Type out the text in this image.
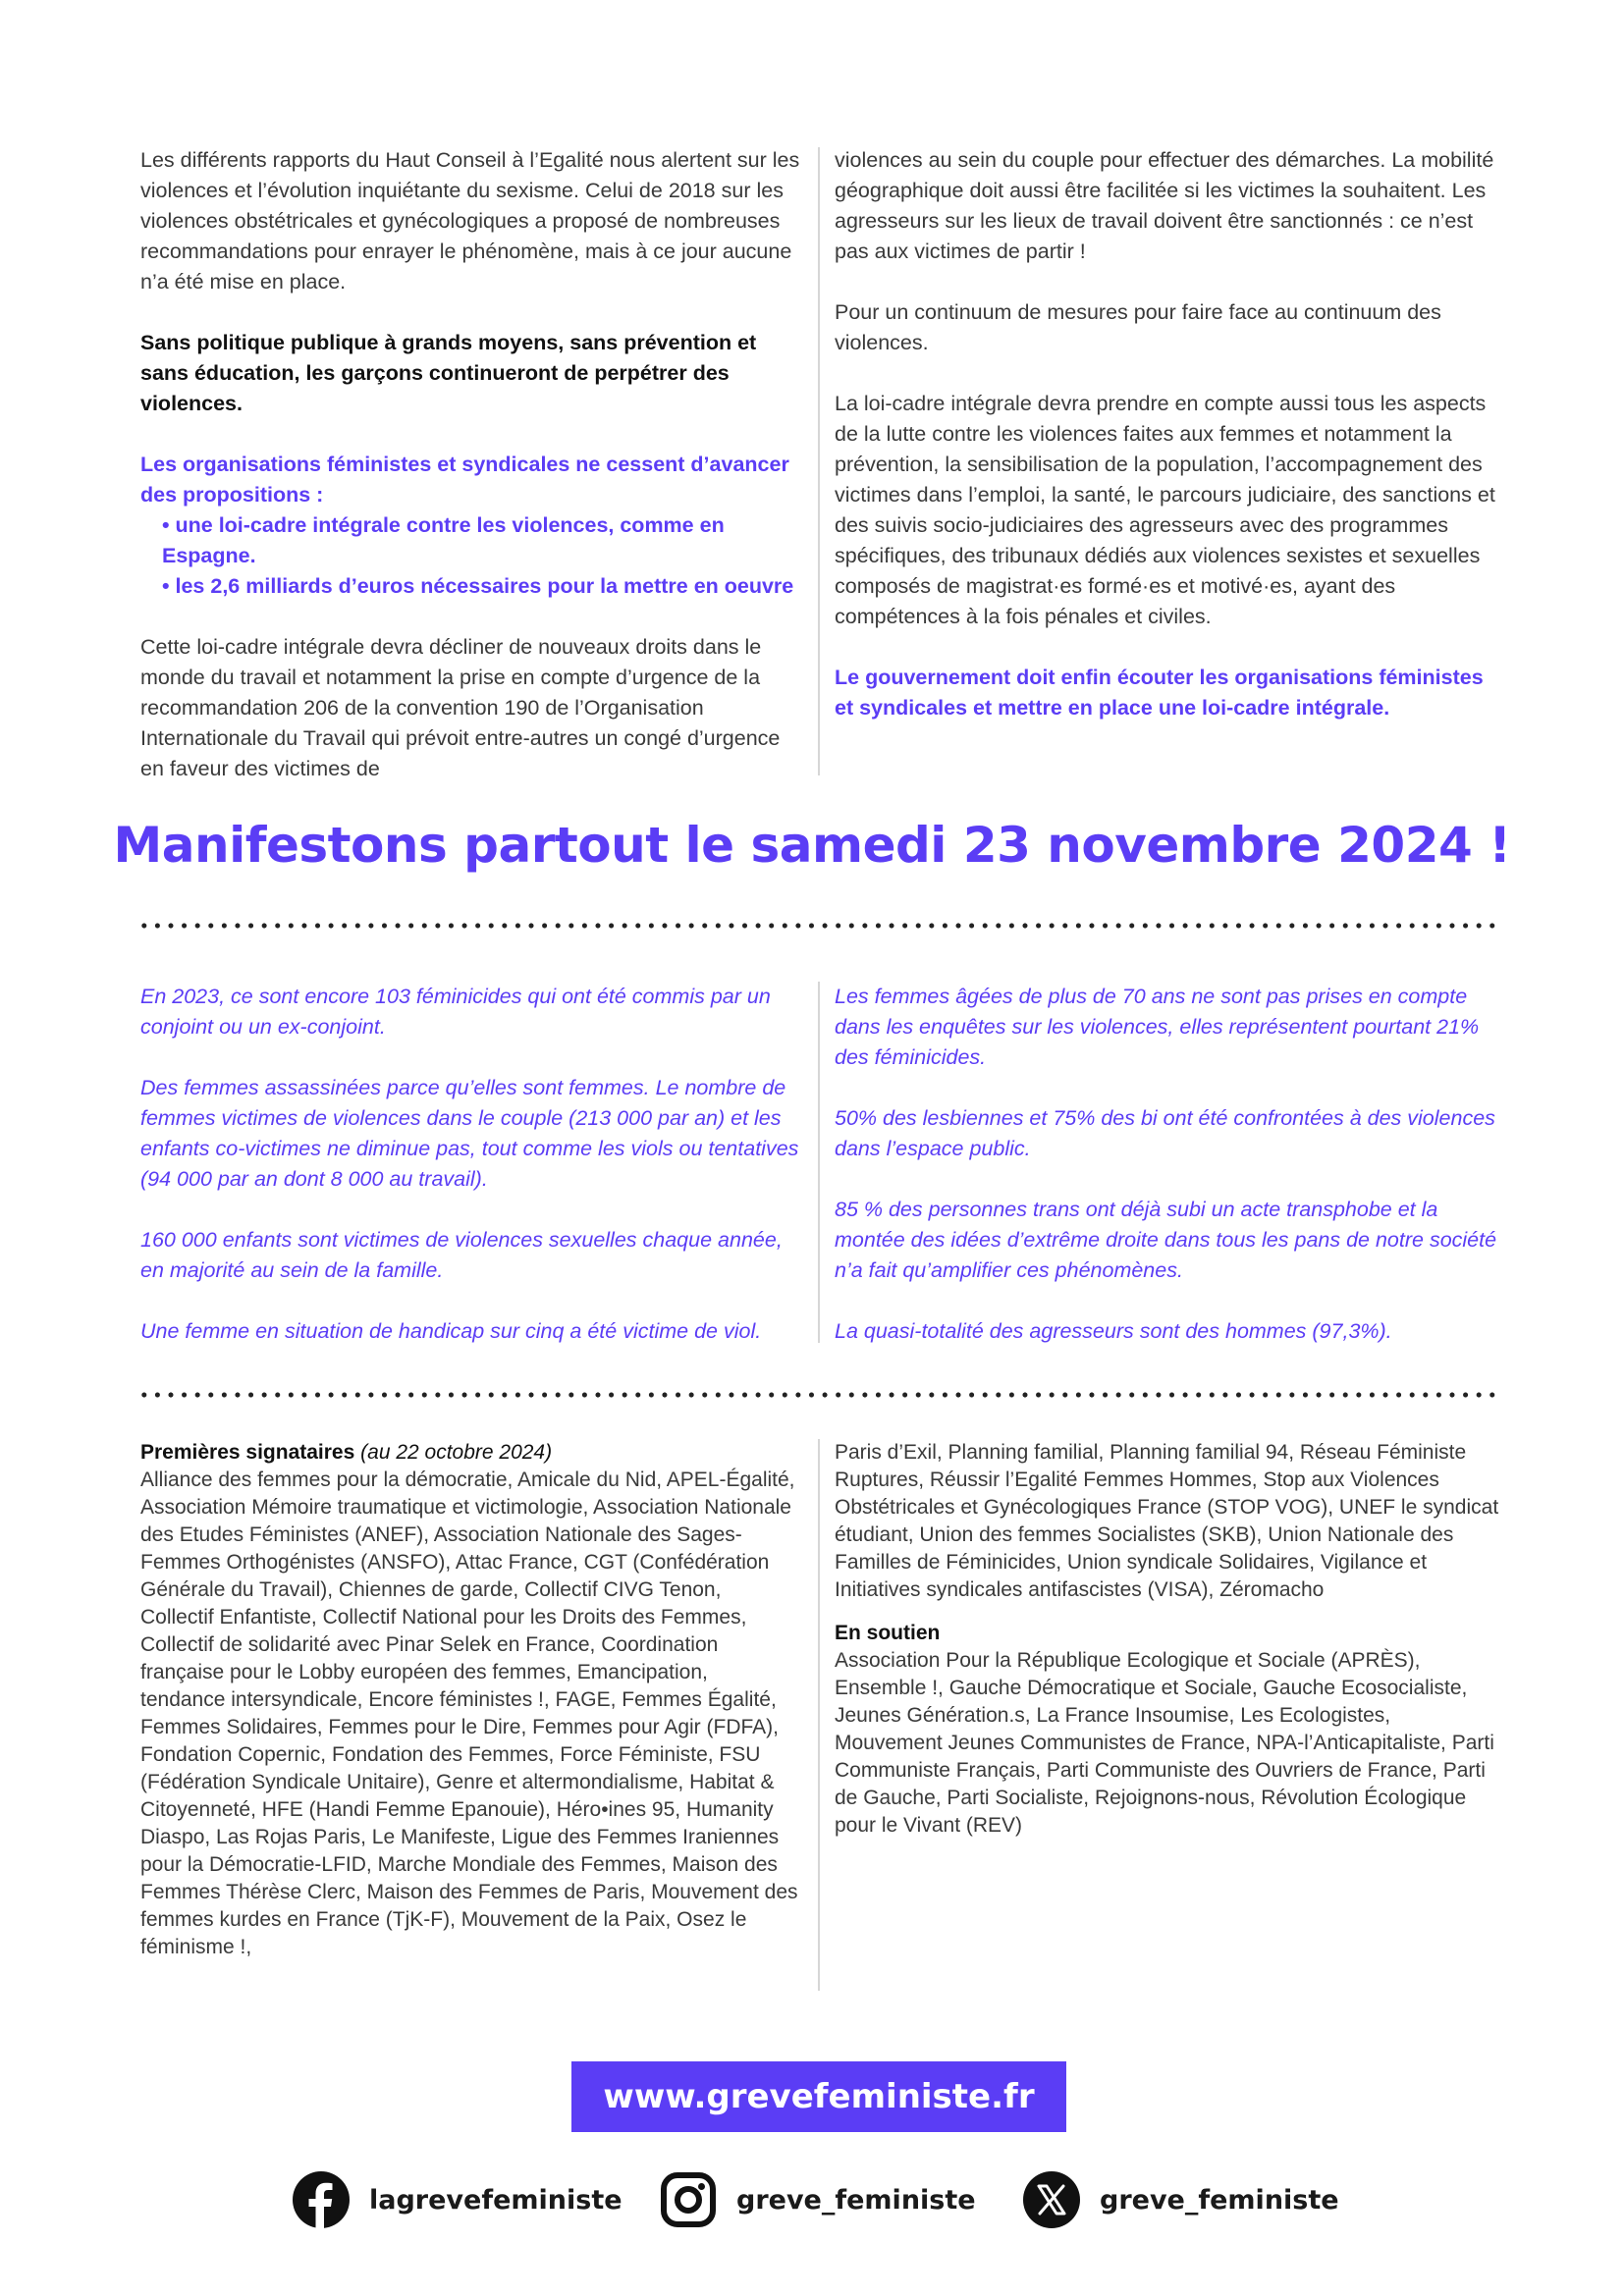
Les différents rapports du Haut Conseil à l’Egalité nous alertent sur les violences et l’évolution inquiétante du sexisme. Celui de 2018 sur les violences obstétricales et gynécologiques a proposé de nombreuses recommandations pour enrayer le phénomène, mais à ce jour aucune n’a été mise en place.

Sans politique publique à grands moyens, sans prévention et sans éducation, les garçons continueront de perpétrer des violences.

Les organisations féministes et syndicales ne cessent d’avancer des propositions :
• une loi-cadre intégrale contre les violences, comme en Espagne.
• les 2,6 milliards d’euros nécessaires pour la mettre en oeuvre

Cette loi-cadre intégrale devra décliner de nouveaux droits dans le monde du travail et notamment la prise en compte d’urgence de la recommandation 206 de la convention 190 de l’Organisation Internationale du Travail qui prévoit entre-autres un congé d’urgence en faveur des victimes de

violences au sein du couple pour effectuer des démarches. La mobilité géographique doit aussi être facilitée si les victimes la souhaitent. Les agresseurs sur les lieux de travail doivent être sanctionnés : ce n’est pas aux victimes de partir !

Pour un continuum de mesures pour faire face au continuum des violences.

La loi-cadre intégrale devra prendre en compte aussi tous les aspects de la lutte contre les violences faites aux femmes et notamment la prévention, la sensibilisation de la population, l’accompagnement des victimes dans l’emploi, la santé, le parcours judiciaire, des sanctions et des suivis socio-judiciaires des agresseurs avec des programmes spécifiques, des tribunaux dédiés aux violences sexistes et sexuelles composés de magistrat·es formé·es et motivé·es, ayant des compétences à la fois pénales et civiles.

Le gouvernement doit enfin écouter les organisations féministes et syndicales et mettre en place une loi-cadre intégrale.

Manifestons partout le samedi 23 novembre 2024 !

En 2023, ce sont encore 103 féminicides qui ont été commis par un conjoint ou un ex-conjoint.

Des femmes assassinées parce qu’elles sont femmes. Le nombre de femmes victimes de violences dans le couple (213 000 par an) et les enfants co-victimes ne diminue pas, tout comme les viols ou tentatives (94 000 par an dont 8 000 au travail).

160 000 enfants sont victimes de violences sexuelles chaque année, en majorité au sein de la famille.

Une femme en situation de handicap sur cinq a été victime de viol.

Les femmes âgées de plus de 70 ans ne sont pas prises en compte dans les enquêtes sur les violences, elles représentent pourtant 21% des féminicides.

50% des lesbiennes et 75% des bi ont été confrontées à des violences dans l’espace public.

85 % des personnes trans ont déjà subi un acte transphobe et la montée des idées d’extrême droite dans tous les pans de notre société n’a fait qu’amplifier ces phénomènes.

La quasi-totalité des agresseurs sont des hommes (97,3%).

Premières signataires (au 22 octobre 2024)
Alliance des femmes pour la démocratie, Amicale du Nid, APEL-Égalité, Association Mémoire traumatique et victimologie, Association Nationale des Etudes Féministes (ANEF), Association Nationale des Sages-Femmes Orthogénistes (ANSFO), Attac France, CGT (Confédération Générale du Travail), Chiennes de garde, Collectif CIVG Tenon, Collectif Enfantiste, Collectif National pour les Droits des Femmes, Collectif de solidarité avec Pinar Selek en France, Coordination française pour le Lobby européen des femmes, Emancipation, tendance intersyndicale, Encore féministes !, FAGE, Femmes Égalité, Femmes Solidaires, Femmes pour le Dire, Femmes pour Agir (FDFA), Fondation Copernic, Fondation des Femmes, Force Féministe, FSU (Fédération Syndicale Unitaire), Genre et altermondialisme, Habitat & Citoyenneté, HFE (Handi Femme Epanouie), Héro•ines 95, Humanity Diaspo, Las Rojas Paris, Le Manifeste, Ligue des Femmes Iraniennes pour la Démocratie-LFID, Marche Mondiale des Femmes, Maison des Femmes Thérèse Clerc, Maison des Femmes de Paris, Mouvement des femmes kurdes en France (TjK-F), Mouvement de la Paix, Osez le féminisme !,
Paris d’Exil, Planning familial, Planning familial 94, Réseau Féministe Ruptures, Réussir l’Egalité Femmes Hommes, Stop aux Violences Obstétricales et Gynécologiques France (STOP VOG), UNEF le syndicat étudiant, Union des femmes Socialistes (SKB), Union Nationale des Familles de Féminicides, Union syndicale Solidaires, Vigilance et Initiatives syndicales antifascistes (VISA), Zéromacho
En soutien
Association Pour la République Ecologique et Sociale (APRÈS), Ensemble !, Gauche Démocratique et Sociale, Gauche Ecosocialiste, Jeunes Génération.s, La France Insoumise, Les Ecologistes, Mouvement Jeunes Communistes de France, NPA-l’Anticapitaliste, Parti Communiste Français, Parti Communiste des Ouvriers de France, Parti de Gauche, Parti Socialiste, Rejoignons-nous, Révolution Écologique pour le Vivant (REV)
www.grevefeministe.fr
lagrevefeministe	greve_feministe	greve_feministe
